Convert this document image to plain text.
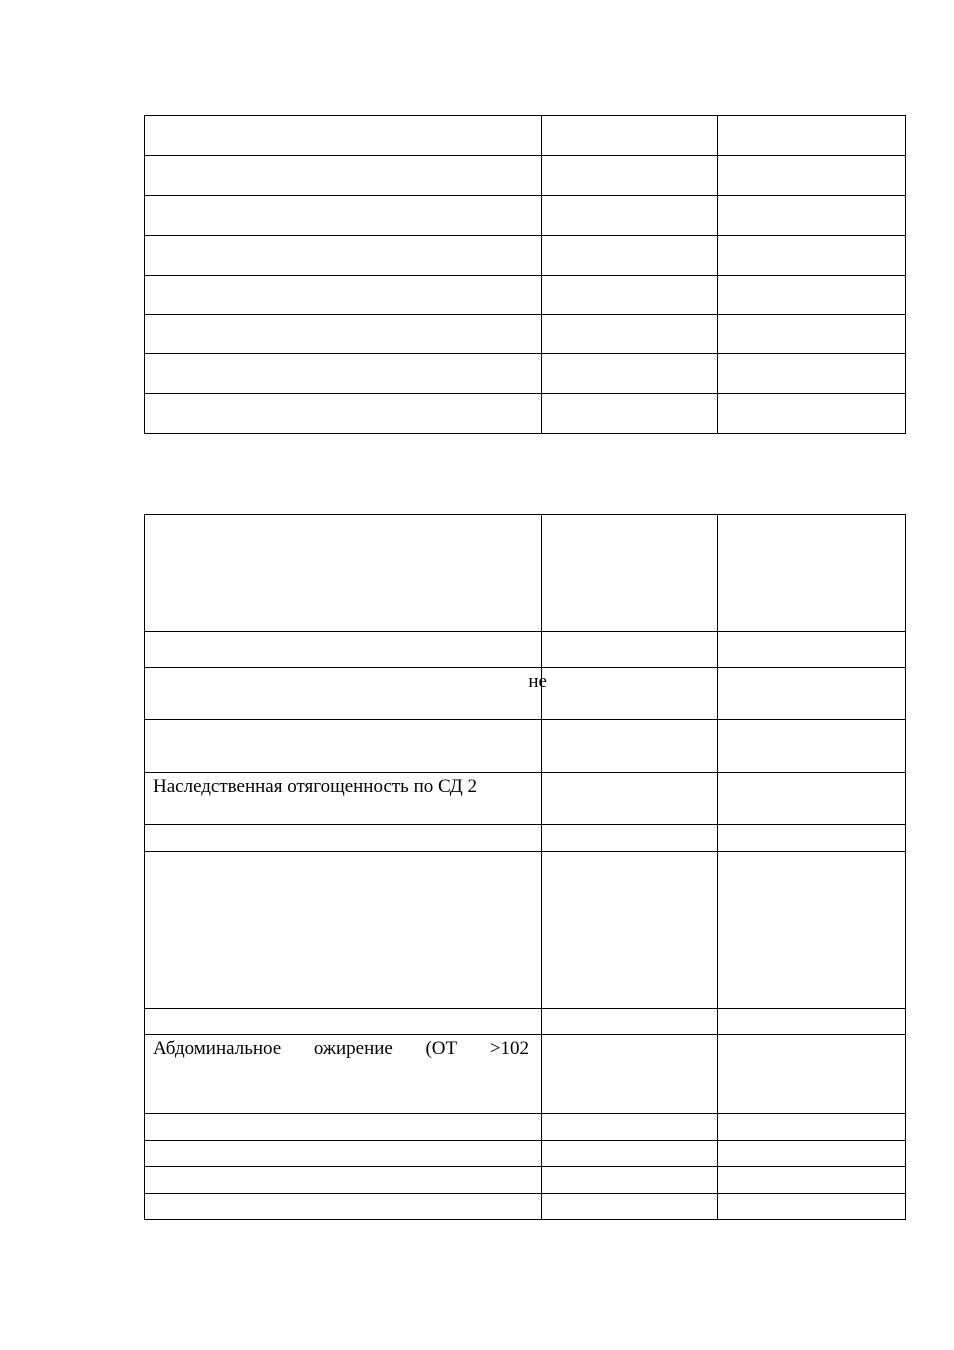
не		

Наследственная отягощенность по СД 2		

Абдоминальное ожирение (ОТ >102		
